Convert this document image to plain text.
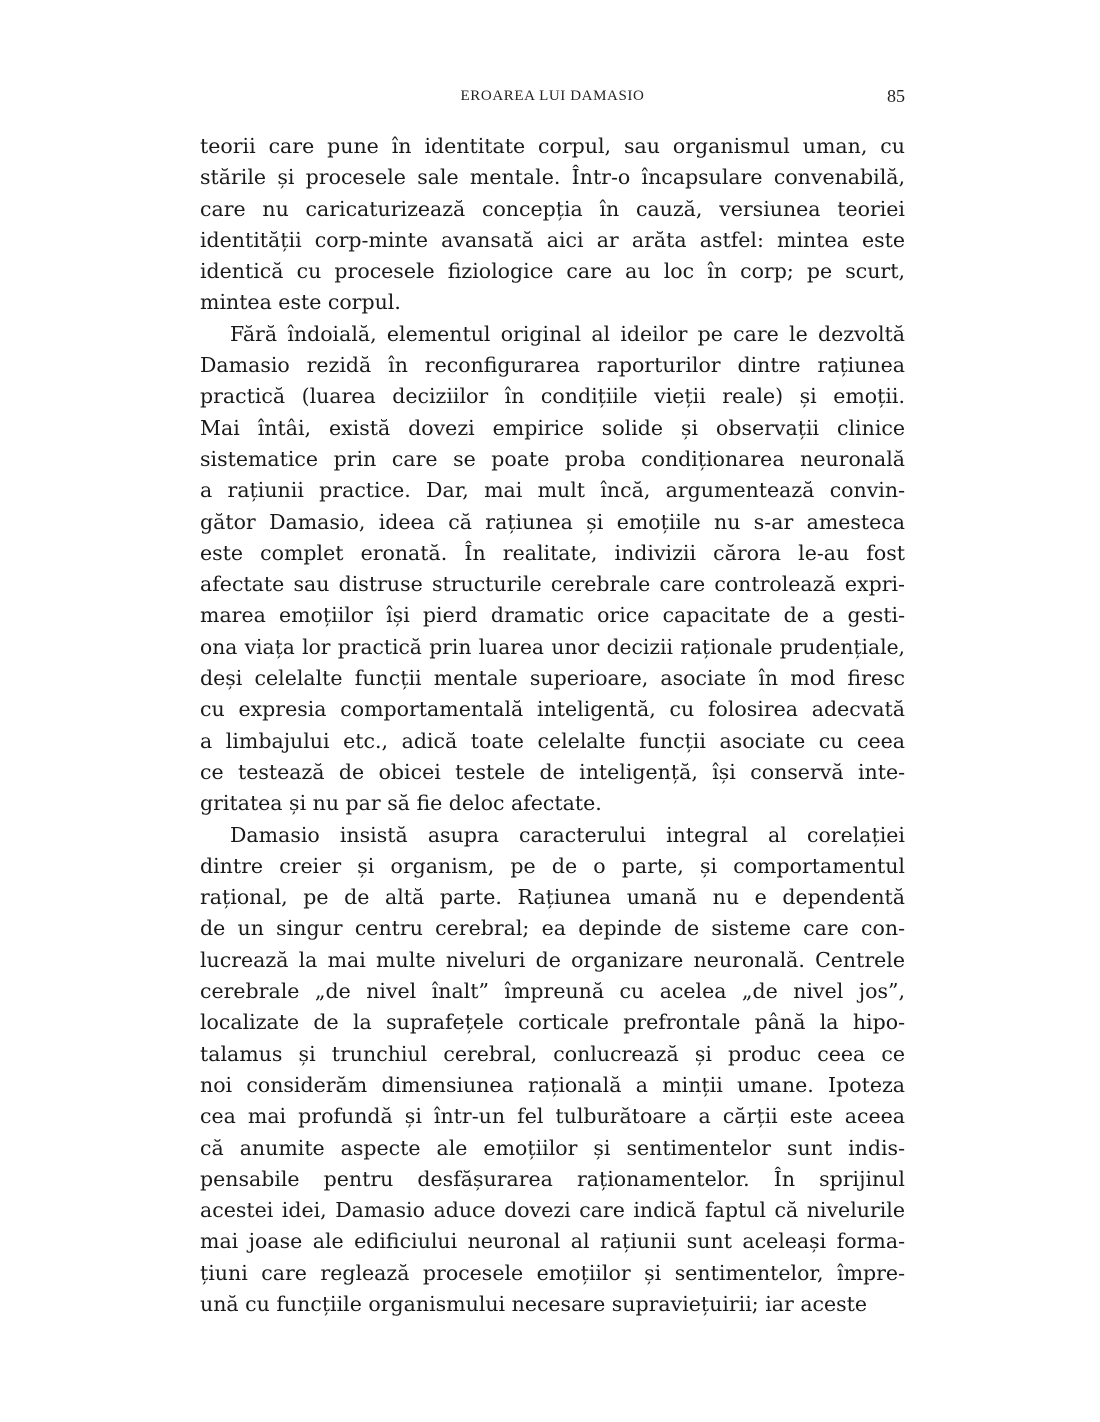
EROAREA LUI DAMASIO	85
teorii care pune în identitate corpul, sau organismul uman, cu
stările și procesele sale mentale. Într-o încapsulare convenabilă,
care nu caricaturizează concepția în cauză, versiunea teoriei
identității corp-minte avansată aici ar arăta astfel: mintea este
identică cu procesele fiziologice care au loc în corp; pe scurt,
mintea este corpul.
Fără îndoială, elementul original al ideilor pe care le dezvoltă
Damasio rezidă în reconfigurarea raporturilor dintre rațiunea
practică (luarea deciziilor în condițiile vieții reale) și emoții.
Mai întâi, există dovezi empirice solide și observații clinice
sistematice prin care se poate proba condiționarea neuronală
a rațiunii practice. Dar, mai mult încă, argumentează convin-
gător Damasio, ideea că rațiunea și emoțiile nu s-ar amesteca
este complet eronată. În realitate, indivizii cărora le-au fost
afectate sau distruse structurile cerebrale care controlează expri-
marea emoțiilor își pierd dramatic orice capacitate de a gesti-
ona viața lor practică prin luarea unor decizii raționale prudențiale,
deși celelalte funcții mentale superioare, asociate în mod firesc
cu expresia comportamentală inteligentă, cu folosirea adecvată
a limbajului etc., adică toate celelalte funcții asociate cu ceea
ce testează de obicei testele de inteligență, își conservă inte-
gritatea și nu par să fie deloc afectate.
Damasio insistă asupra caracterului integral al corelației
dintre creier și organism, pe de o parte, și comportamentul
rațional, pe de altă parte. Rațiunea umană nu e dependentă
de un singur centru cerebral; ea depinde de sisteme care con-
lucrează la mai multe niveluri de organizare neuronală. Centrele
cerebrale „de nivel înalt” împreună cu acelea „de nivel jos”,
localizate de la suprafețele corticale prefrontale până la hipo-
talamus și trunchiul cerebral, conlucrează și produc ceea ce
noi considerăm dimensiunea rațională a minții umane. Ipoteza
cea mai profundă și într-un fel tulburătoare a cărții este aceea
că anumite aspecte ale emoțiilor și sentimentelor sunt indis-
pensabile pentru desfășurarea raționamentelor. În sprijinul
acestei idei, Damasio aduce dovezi care indică faptul că nivelurile
mai joase ale edificiului neuronal al rațiunii sunt aceleași forma-
țiuni care reglează procesele emoțiilor și sentimentelor, împre-
ună cu funcțiile organismului necesare supraviețuirii; iar aceste
